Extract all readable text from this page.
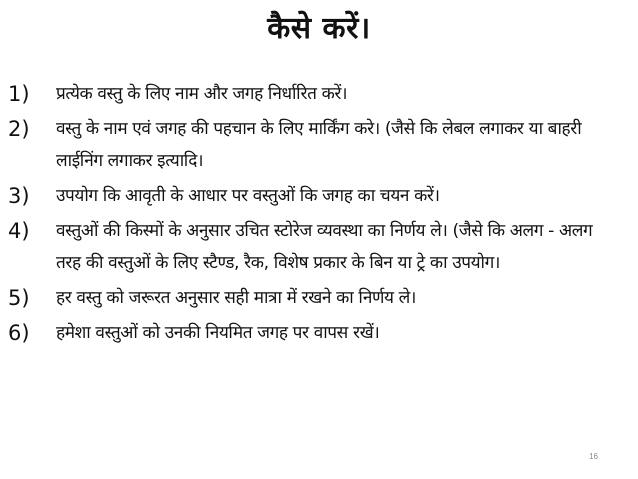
कैसे करें।
1) प्रत्येक वस्तु के लिए नाम और जगह निर्धारित करें।
2) वस्तु के नाम एवं जगह की पहचान के लिए मार्किंग करे। (जैसे कि लेबल लगाकर या बाहरी
लाईनिंग लगाकर इत्यादि।
3) उपयोग कि आवृती के आधार पर वस्तुओं कि जगह का चयन करें।
4) वस्तुओं की किस्मों के अनुसार उचित स्टोरेज व्यवस्था का निर्णय ले। (जैसे कि अलग - अलग
तरह की वस्तुओं के लिए स्टैण्ड, रैक, विशेष प्रकार के बिन या ट्रे का उपयोग।
5) हर वस्तु को जरूरत अनुसार सही मात्रा में रखने का निर्णय ले।
6) हमेशा वस्तुओं को उनकी नियमित जगह पर वापस रखें।
16
